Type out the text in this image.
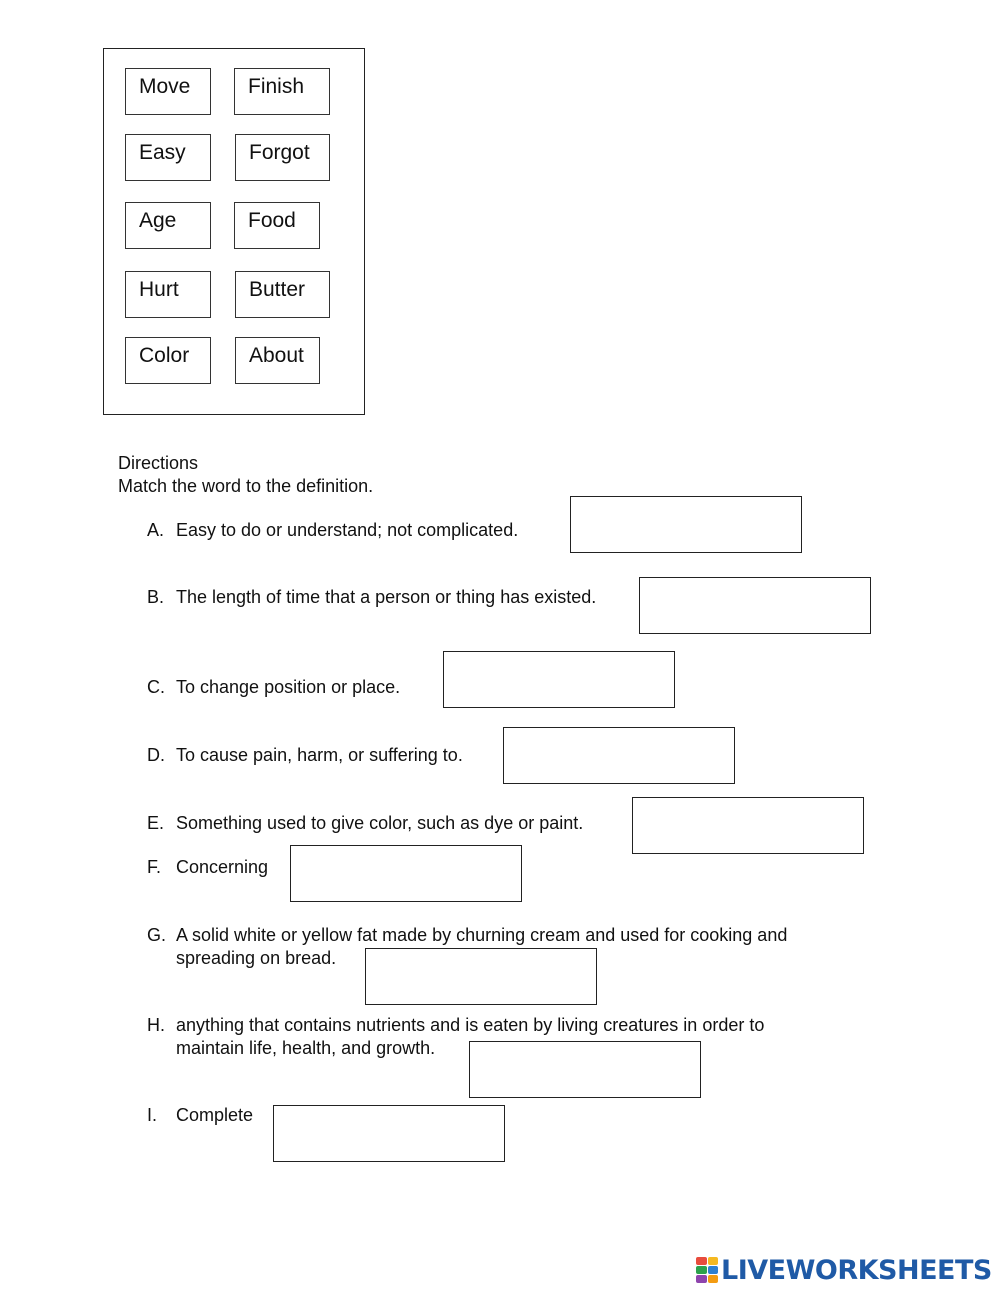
Move	Finish
Easy	Forgot
Age	Food
Hurt	Butter
Color	About
Directions
Match the word to the definition.
A. Easy to do or understand; not complicated.
B. The length of time that a person or thing has existed.
C. To change position or place.
D. To cause pain, harm, or suffering to.
E. Something used to give color, such as dye or paint.
F. Concerning
G. A solid white or yellow fat made by churning cream and used for cooking and
spreading on bread.
H. anything that contains nutrients and is eaten by living creatures in order to
maintain life, health, and growth.
I. Complete
LIVEWORKSHEETS
